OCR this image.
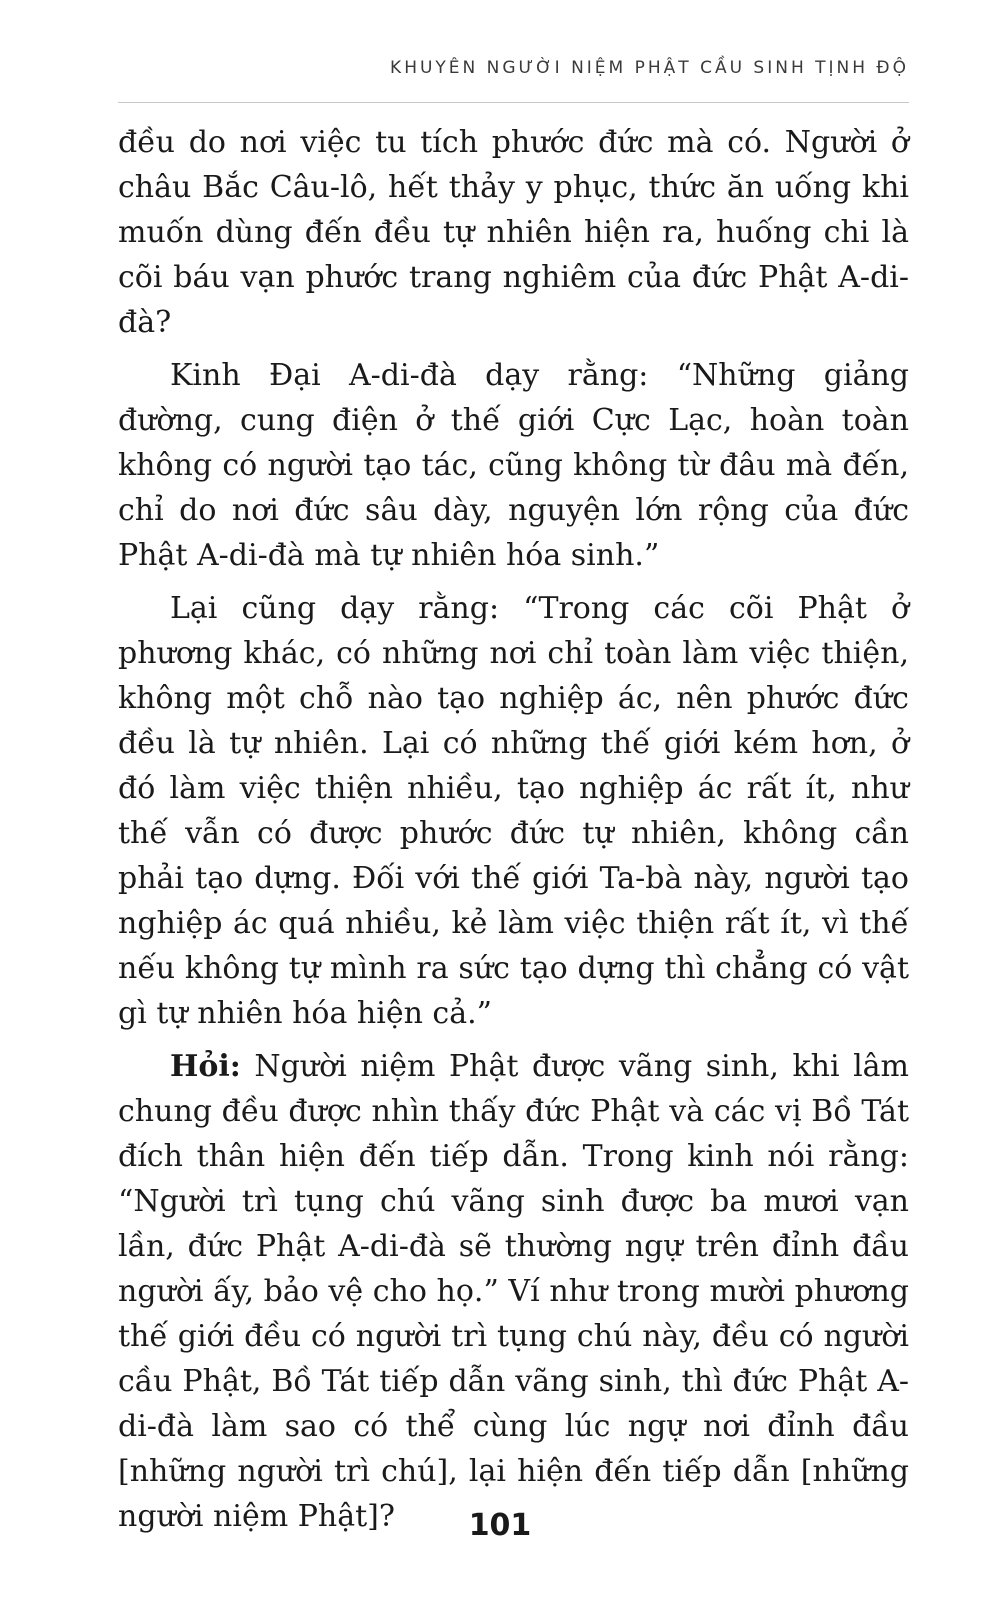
KHUYÊN NGƯỜI NIỆM PHẬT CẦU SINH TỊNH ĐỘ

đều do nơi việc tu tích phước đức mà có. Người ở châu Bắc Câu-lô, hết thảy y phục, thức ăn uống khi muốn dùng đến đều tự nhiên hiện ra, huống chi là cõi báu vạn phước trang nghiêm của đức Phật A-di-đà?

Kinh Đại A-di-đà dạy rằng: “Những giảng đường, cung điện ở thế giới Cực Lạc, hoàn toàn không có người tạo tác, cũng không từ đâu mà đến, chỉ do nơi đức sâu dày, nguyện lớn rộng của đức Phật A-di-đà mà tự nhiên hóa sinh.”

Lại cũng dạy rằng: “Trong các cõi Phật ở phương khác, có những nơi chỉ toàn làm việc thiện, không một chỗ nào tạo nghiệp ác, nên phước đức đều là tự nhiên. Lại có những thế giới kém hơn, ở đó làm việc thiện nhiều, tạo nghiệp ác rất ít, như thế vẫn có được phước đức tự nhiên, không cần phải tạo dựng. Đối với thế giới Ta-bà này, người tạo nghiệp ác quá nhiều, kẻ làm việc thiện rất ít, vì thế nếu không tự mình ra sức tạo dựng thì chẳng có vật gì tự nhiên hóa hiện cả.”

Hỏi: Người niệm Phật được vãng sinh, khi lâm chung đều được nhìn thấy đức Phật và các vị Bồ Tát đích thân hiện đến tiếp dẫn. Trong kinh nói rằng: “Người trì tụng chú vãng sinh được ba mươi vạn lần, đức Phật A-di-đà sẽ thường ngự trên đỉnh đầu người ấy, bảo vệ cho họ.” Ví như trong mười phương thế giới đều có người trì tụng chú này, đều có người cầu Phật, Bồ Tát tiếp dẫn vãng sinh, thì đức Phật A-di-đà làm sao có thể cùng lúc ngự nơi đỉnh đầu [những người trì chú], lại hiện đến tiếp dẫn [những người niệm Phật]?	101
